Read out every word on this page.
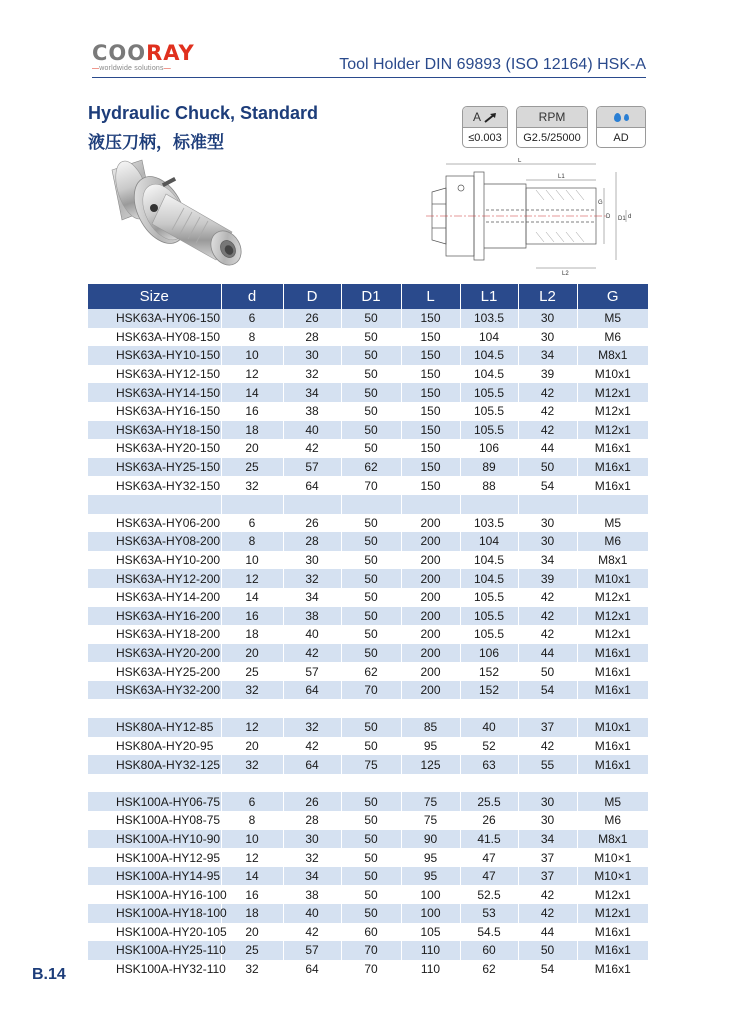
COORAY
—worldwide solutions—	Tool Holder DIN 69893 (ISO 12164) HSK-A
Hydraulic Chuck, Standard
液压刀柄，标准型
A
≤0.003
RPM
G2.5/25000	AD
L
L1
L2
D D1 d
G
Size	d	D	D1	L	L1	L2	G
HSK63A-HY06-150	6	26	50	150	103.5	30	M5
HSK63A-HY08-150	8	28	50	150	104	30	M6
HSK63A-HY10-150	10	30	50	150	104.5	34	M8x1
HSK63A-HY12-150	12	32	50	150	104.5	39	M10x1
HSK63A-HY14-150	14	34	50	150	105.5	42	M12x1
HSK63A-HY16-150	16	38	50	150	105.5	42	M12x1
HSK63A-HY18-150	18	40	50	150	105.5	42	M12x1
HSK63A-HY20-150	20	42	50	150	106	44	M16x1
HSK63A-HY25-150	25	57	62	150	89	50	M16x1
HSK63A-HY32-150	32	64	70	150	88	54	M16x1

HSK63A-HY06-200	6	26	50	200	103.5	30	M5
HSK63A-HY08-200	8	28	50	200	104	30	M6
HSK63A-HY10-200	10	30	50	200	104.5	34	M8x1
HSK63A-HY12-200	12	32	50	200	104.5	39	M10x1
HSK63A-HY14-200	14	34	50	200	105.5	42	M12x1
HSK63A-HY16-200	16	38	50	200	105.5	42	M12x1
HSK63A-HY18-200	18	40	50	200	105.5	42	M12x1
HSK63A-HY20-200	20	42	50	200	106	44	M16x1
HSK63A-HY25-200	25	57	62	200	152	50	M16x1
HSK63A-HY32-200	32	64	70	200	152	54	M16x1

HSK80A-HY12-85	12	32	50	85	40	37	M10x1
HSK80A-HY20-95	20	42	50	95	52	42	M16x1
HSK80A-HY32-125	32	64	75	125	63	55	M16x1

HSK100A-HY06-75	6	26	50	75	25.5	30	M5
HSK100A-HY08-75	8	28	50	75	26	30	M6
HSK100A-HY10-90	10	30	50	90	41.5	34	M8x1
HSK100A-HY12-95	12	32	50	95	47	37	M10×1
HSK100A-HY14-95	14	34	50	95	47	37	M10×1
HSK100A-HY16-100	16	38	50	100	52.5	42	M12x1
HSK100A-HY18-100	18	40	50	100	53	42	M12x1
HSK100A-HY20-105	20	42	60	105	54.5	44	M16x1
HSK100A-HY25-110	25	57	70	110	60	50	M16x1
HSK100A-HY32-110	32	64	70	110	62	54	M16x1
B.14
